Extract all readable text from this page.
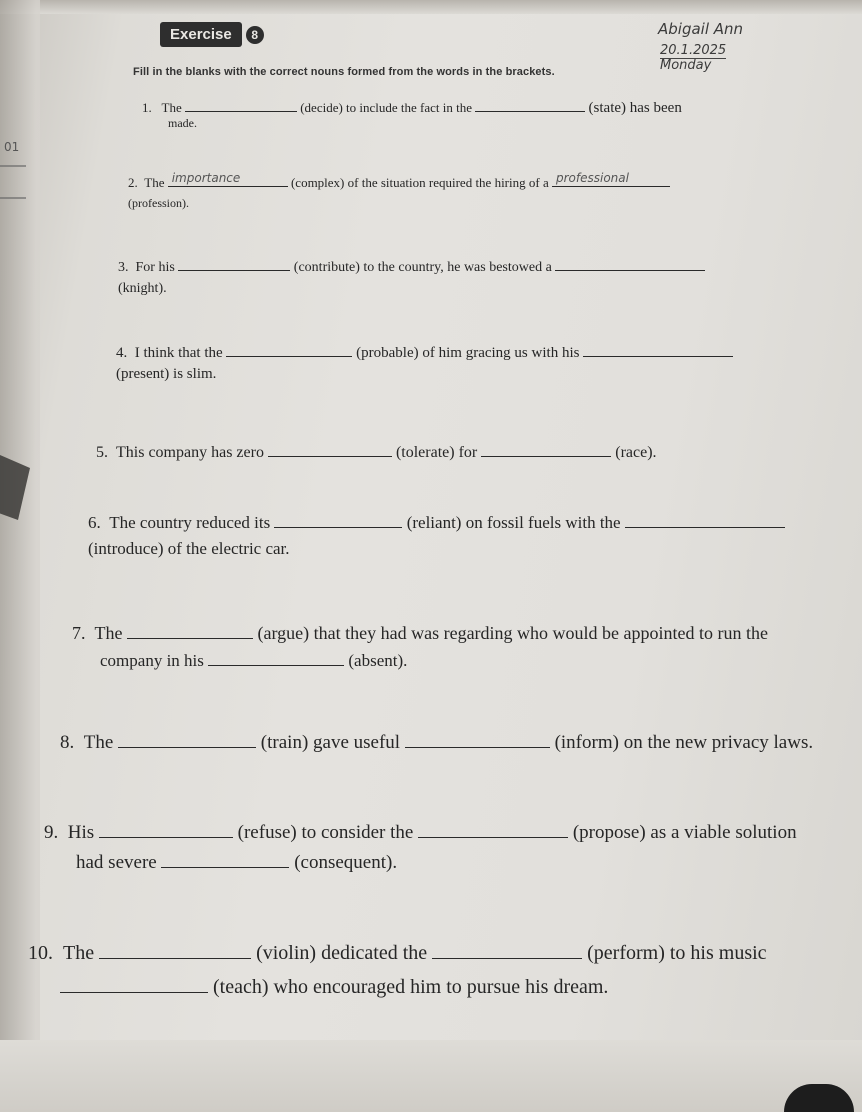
01
Exercise 8	Abigail Ann
20.1.2025
Monday
Fill in the blanks with the correct nouns formed from the words in the brackets.
1. The	(decide) to include the fact in the	(state) has been
made.
2. The importance	(complex) of the situation required the hiring of a professional
(profession).
3. For his	(contribute) to the country, he was bestowed a
(knight).
4. I think that the	(probable) of him gracing us with his
(present) is slim.
5. This company has zero	(tolerate) for	(race).
6. The country reduced its	(reliant) on fossil fuels with the
(introduce) of the electric car.
7. The	(argue) that they had was regarding who would be appointed to run the
company in his	(absent).
8. The	(train) gave useful	(inform) on the new privacy laws.
9. His	(refuse) to consider the	(propose) as a viable solution
had severe	(consequent).
10. The	(violin) dedicated the	(perform) to his music
(teach) who encouraged him to pursue his dream.
